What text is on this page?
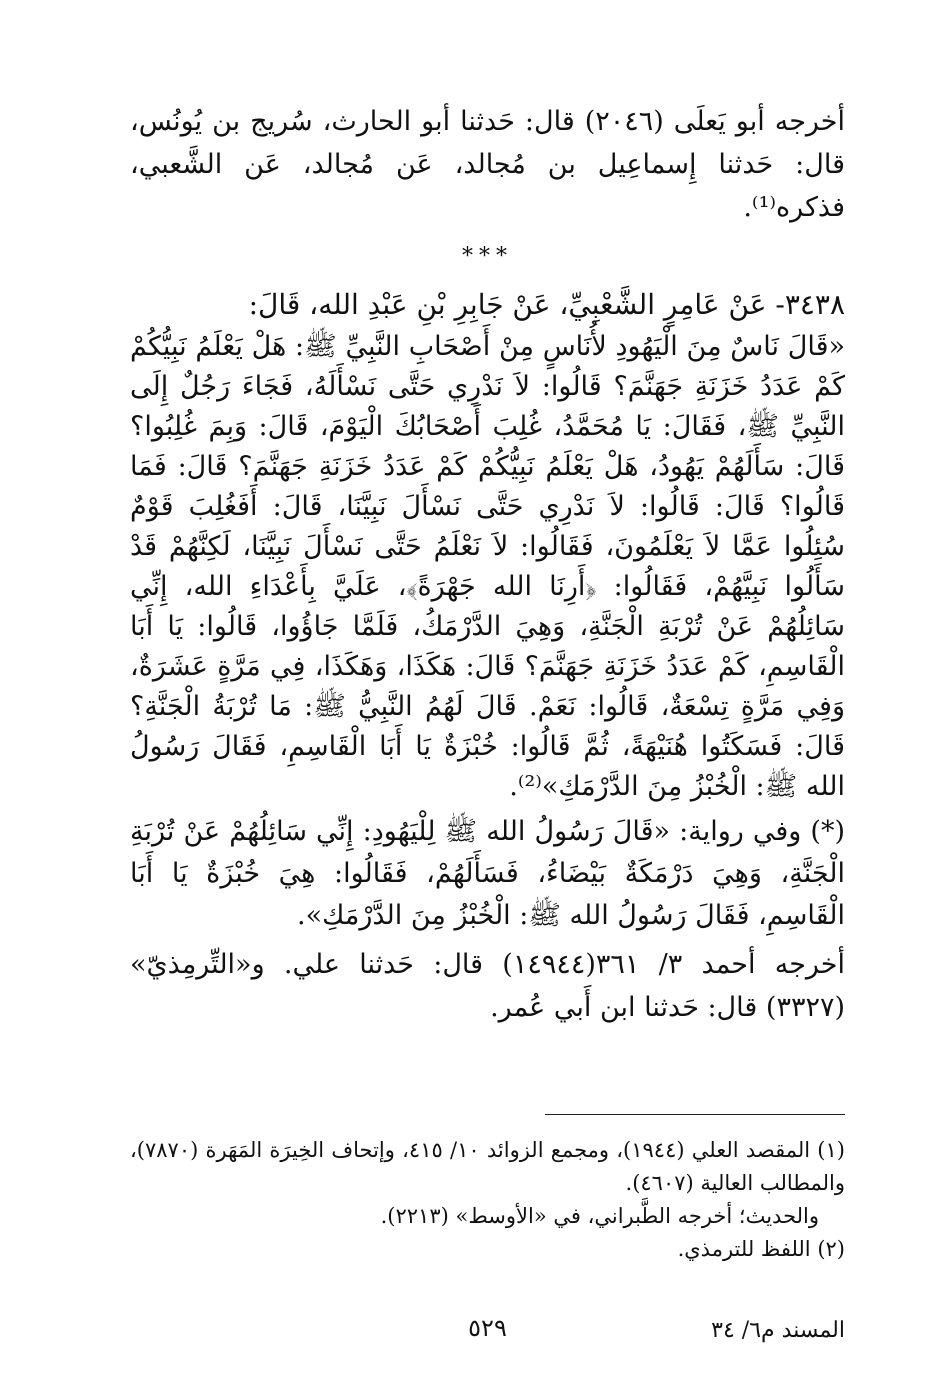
أخرجه أبو يَعلَى (٢٠٤٦) قال: حَدثنا أبو الحارث، سُريج بن يُونُس، قال: حَدثنا إِسماعِيل بن مُجالد، عَن مُجالد، عَن الشَّعبي، فذكره⁽¹⁾.

***

٣٤٣٨- عَنْ عَامِرٍ الشَّعْبِيِّ، عَنْ جَابِرِ بْنِ عَبْدِ الله، قَالَ:

«قَالَ نَاسٌ مِنَ الْيَهُودِ لأُنَاسٍ مِنْ أَصْحَابِ النَّبِيِّ ﷺ: هَلْ يَعْلَمُ نَبِيُّكُمْ كَمْ عَدَدُ خَزَنَةِ جَهَنَّمَ؟ قَالُوا: لاَ نَدْرِي حَتَّى نَسْأَلَهُ، فَجَاءَ رَجُلٌ إِلَى النَّبِيِّ ﷺ، فَقَالَ: يَا مُحَمَّدُ، غُلِبَ أَصْحَابُكَ الْيَوْمَ، قَالَ: وَبِمَ غُلِبُوا؟ قَالَ: سَأَلَهُمْ يَهُودُ، هَلْ يَعْلَمُ نَبِيُّكُمْ كَمْ عَدَدُ خَزَنَةِ جَهَنَّمَ؟ قَالَ: فَمَا قَالُوا؟ قَالَ: قَالُوا: لاَ نَدْرِي حَتَّى نَسْأَلَ نَبِيَّنَا، قَالَ: أَفَغُلِبَ قَوْمٌ سُئِلُوا عَمَّا لاَ يَعْلَمُونَ، فَقَالُوا: لاَ نَعْلَمُ حَتَّى نَسْأَلَ نَبِيَّنَا، لَكِنَّهُمْ قَدْ سَأَلُوا نَبِيَّهُمْ، فَقَالُوا: ﴿أَرِنَا الله جَهْرَةً﴾، عَلَيَّ بِأَعْدَاءِ الله، إِنِّي سَائِلُهُمْ عَنْ تُرْبَةِ الْجَنَّةِ، وَهِيَ الدَّرْمَكُ، فَلَمَّا جَاؤُوا، قَالُوا: يَا أَبَا الْقَاسِمِ، كَمْ عَدَدُ خَزَنَةِ جَهَنَّمَ؟ قَالَ: هَكَذَا، وَهَكَذَا، فِي مَرَّةٍ عَشَرَةٌ، وَفِي مَرَّةٍ تِسْعَةٌ، قَالُوا: نَعَمْ. قَالَ لَهُمُ النَّبِيُّ ﷺ: مَا تُرْبَةُ الْجَنَّةِ؟ قَالَ: فَسَكَتُوا هُنَيْهَةً، ثُمَّ قَالُوا: خُبْزَةٌ يَا أَبَا الْقَاسِمِ، فَقَالَ رَسُولُ الله ﷺ: الْخُبْزُ مِنَ الدَّرْمَكِ»⁽²⁾.

(*) وفي رواية: «قَالَ رَسُولُ الله ﷺ لِلْيَهُودِ: إِنِّي سَائِلُهُمْ عَنْ تُرْبَةِ الْجَنَّةِ، وَهِيَ دَرْمَكَةٌ بَيْضَاءُ، فَسَأَلَهُمْ، فَقَالُوا: هِيَ خُبْزَةٌ يَا أَبَا الْقَاسِمِ، فَقَالَ رَسُولُ الله ﷺ: الْخُبْزُ مِنَ الدَّرْمَكِ».

أخرجه أحمد ٣/ ٣٦١(١٤٩٤٤) قال: حَدثنا علي. و«التِّرمِذيّ» (٣٣٢٧) قال: حَدثنا ابن أَبي عُمر.

(١) المقصد العلي (١٩٤٤)، ومجمع الزوائد ١٠/ ٤١٥، وإتحاف الخِيرَة المَهَرة (٧٨٧٠)، والمطالب العالية (٤٦٠٧).

والحديث؛ أخرجه الطَّبراني، في «الأوسط» (٢٢١٣).

(٢) اللفظ للترمذي.

المسند م٦/ ٣٤
٥٢٩
